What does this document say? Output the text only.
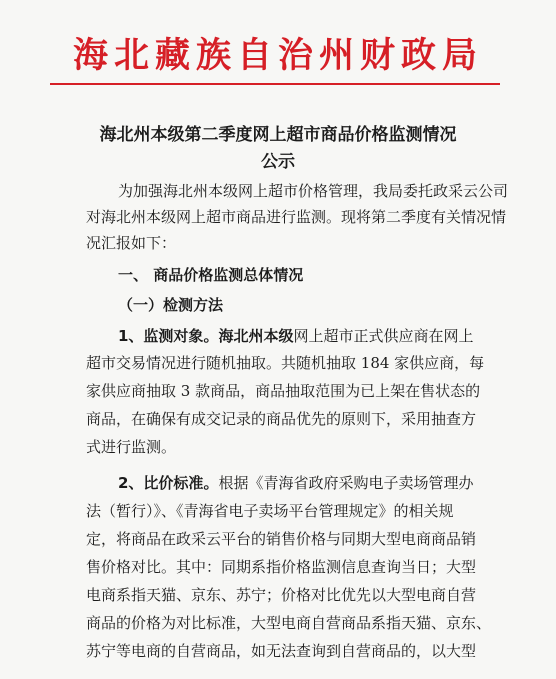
海北藏族自治州财政局
海北州本级第二季度网上超市商品价格监测情况
公示
为加强海北州本级网上超市价格管理，我局委托政采云公司
对海北州本级网上超市商品进行监测。现将第二季度有关情况情
况汇报如下：
一、 商品价格监测总体情况
（一）检测方法
1、监测对象。海北州本级网上超市正式供应商在网上
超市交易情况进行随机抽取。共随机抽取 184 家供应商，每
家供应商抽取 3 款商品，商品抽取范围为已上架在售状态的
商品，在确保有成交记录的商品优先的原则下，采用抽查方
式进行监测。
2、比价标准。根据《青海省政府采购电子卖场管理办
法（暂行）》、《青海省电子卖场平台管理规定》的相关规
定，将商品在政采云平台的销售价格与同期大型电商商品销
售价格对比。其中：同期系指价格监测信息查询当日；大型
电商系指天猫、京东、苏宁；价格对比优先以大型电商自营
商品的价格为对比标准，大型电商自营商品系指天猫、京东、
苏宁等电商的自营商品，如无法查询到自营商品的，以大型
